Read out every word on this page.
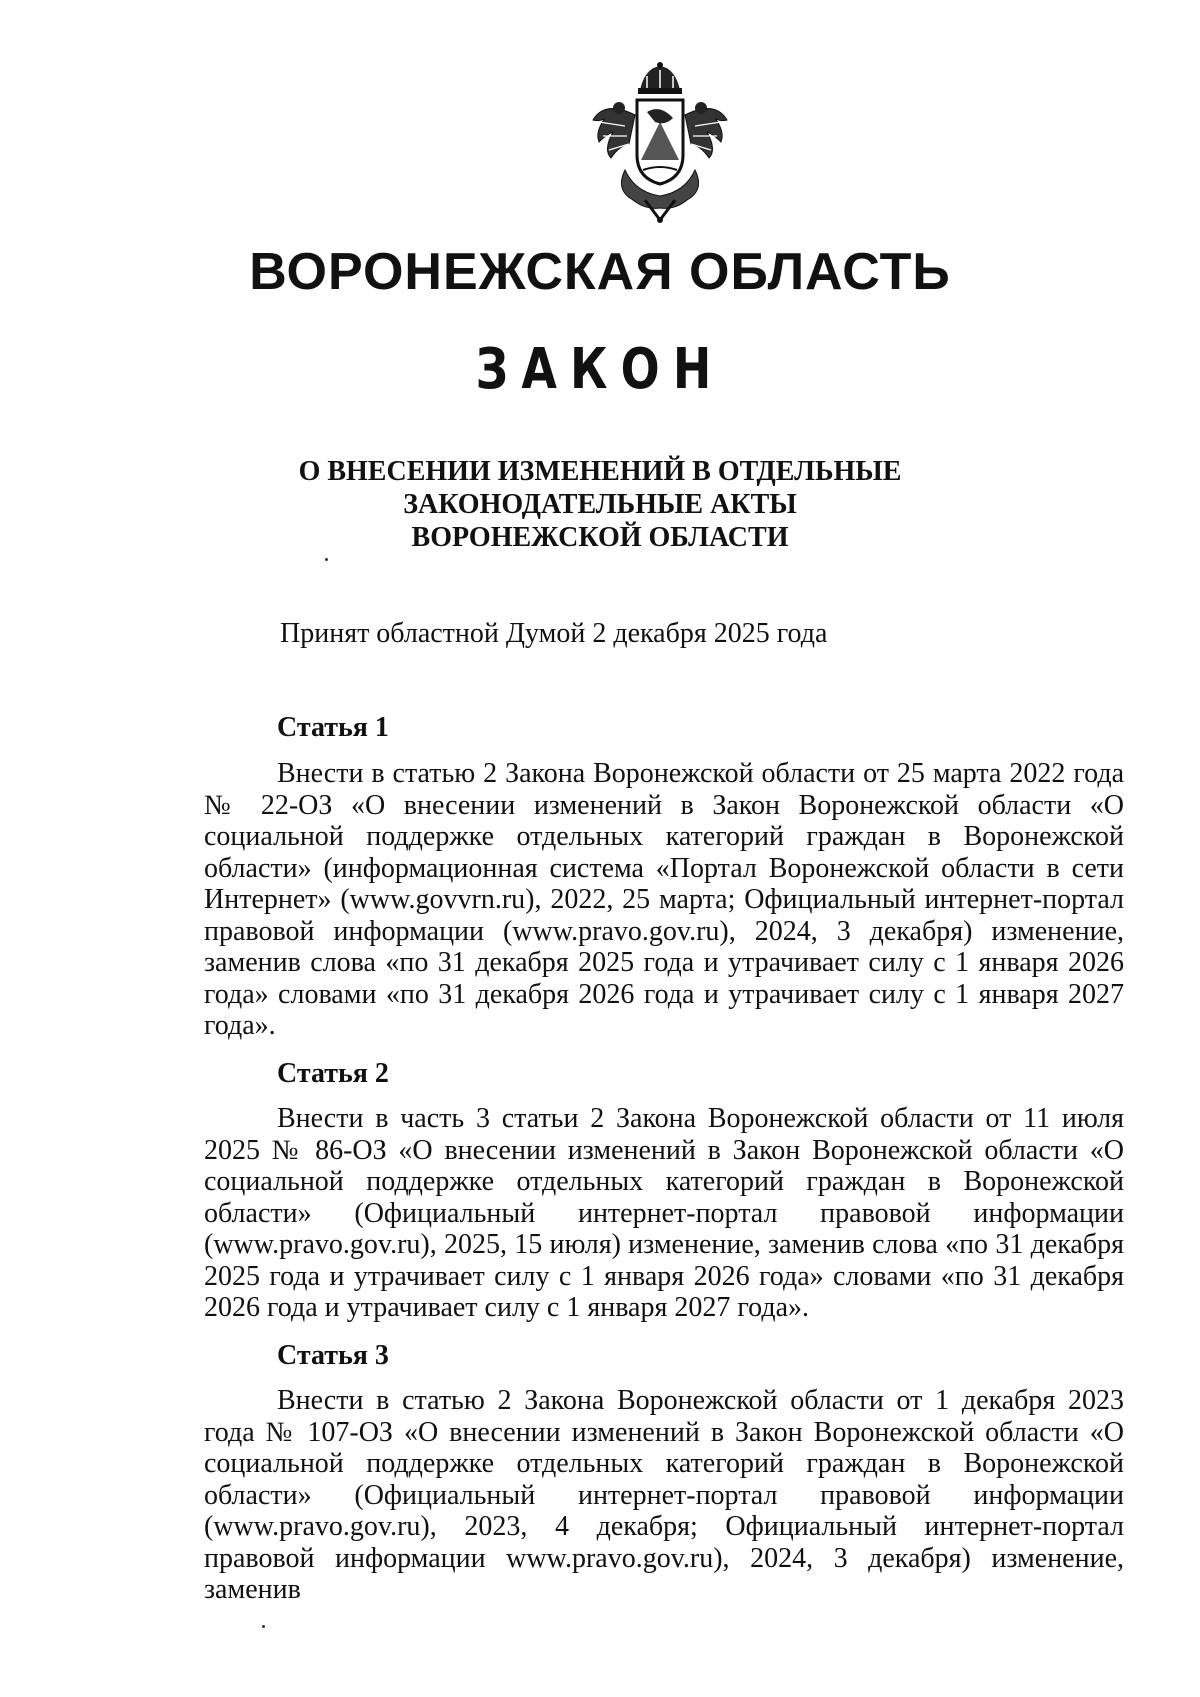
ВОРОНЕЖСКАЯ ОБЛАСТЬ
ЗАКОН
О ВНЕСЕНИИ ИЗМЕНЕНИЙ В ОТДЕЛЬНЫЕ
ЗАКОНОДАТЕЛЬНЫЕ АКТЫ
ВОРОНЕЖСКОЙ ОБЛАСТИ
Принят областной Думой 2 декабря 2025 года
Статья 1
Внести в статью 2 Закона Воронежской области от 25 марта 2022 года № 22-ОЗ «О внесении изменений в Закон Воронежской области «О социальной поддержке отдельных категорий граждан в Воронежской области» (информационная система «Портал Воронежской области в сети Интернет» (www.govvrn.ru), 2022, 25 марта; Официальный интернет-портал правовой информации (www.pravo.gov.ru), 2024, 3 декабря) изменение, заменив слова «по 31 декабря 2025 года и утрачивает силу с 1 января 2026 года» словами «по 31 декабря 2026 года и утрачивает силу с 1 января 2027 года».
Статья 2
Внести в часть 3 статьи 2 Закона Воронежской области от 11 июля 2025 № 86-ОЗ «О внесении изменений в Закон Воронежской области «О социальной поддержке отдельных категорий граждан в Воронежской области» (Официальный интернет-портал правовой информации (www.pravo.gov.ru), 2025, 15 июля) изменение, заменив слова «по 31 декабря 2025 года и утрачивает силу с 1 января 2026 года» словами «по 31 декабря 2026 года и утрачивает силу с 1 января 2027 года».
Статья 3
Внести в статью 2 Закона Воронежской области от 1 декабря 2023 года № 107-ОЗ «О внесении изменений в Закон Воронежской области «О социальной поддержке отдельных категорий граждан в Воронежской области» (Официальный интернет-портал правовой информации (www.pravo.gov.ru), 2023, 4 декабря; Официальный интернет-портал правовой информации www.pravo.gov.ru), 2024, 3 декабря) изменение, заменив
